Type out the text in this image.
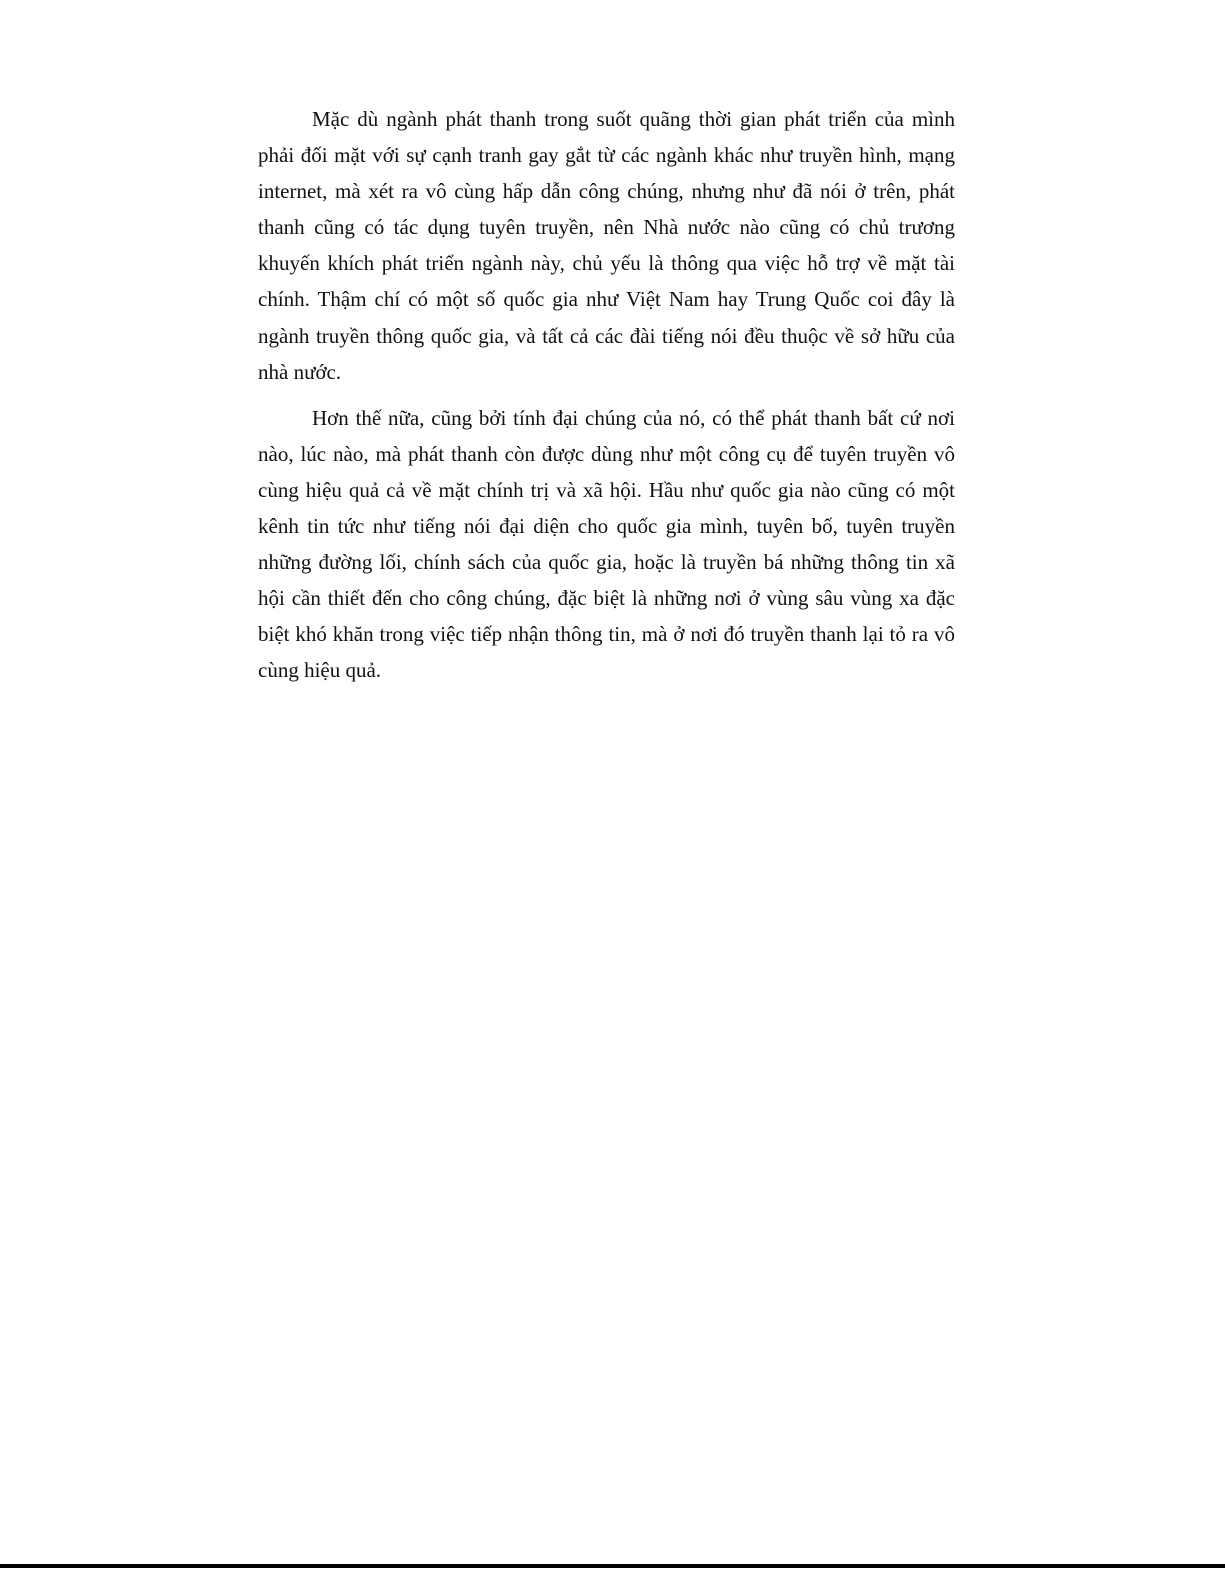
Mặc dù ngành phát thanh trong suốt quãng thời gian phát triển của mình phải đối mặt với sự cạnh tranh gay gắt từ các ngành khác như truyền hình, mạng internet, mà xét ra vô cùng hấp dẫn công chúng, nhưng như đã nói ở trên, phát thanh cũng có tác dụng tuyên truyền, nên Nhà nước nào cũng có chủ trương khuyến khích phát triển ngành này, chủ yếu là thông qua việc hỗ trợ về mặt tài chính. Thậm chí có một số quốc gia như Việt Nam hay Trung Quốc coi đây là ngành truyền thông quốc gia, và tất cả các đài tiếng nói đều thuộc về sở hữu của nhà nước.

Hơn thế nữa, cũng bởi tính đại chúng của nó, có thể phát thanh bất cứ nơi nào, lúc nào, mà phát thanh còn được dùng như một công cụ để tuyên truyền vô cùng hiệu quả cả về mặt chính trị và xã hội. Hầu như quốc gia nào cũng có một kênh tin tức như tiếng nói đại diện cho quốc gia mình, tuyên bố, tuyên truyền những đường lối, chính sách của quốc gia, hoặc là truyền bá những thông tin xã hội cần thiết đến cho công chúng, đặc biệt là những nơi ở vùng sâu vùng xa đặc biệt khó khăn trong việc tiếp nhận thông tin, mà ở nơi đó truyền thanh lại tỏ ra vô cùng hiệu quả.
